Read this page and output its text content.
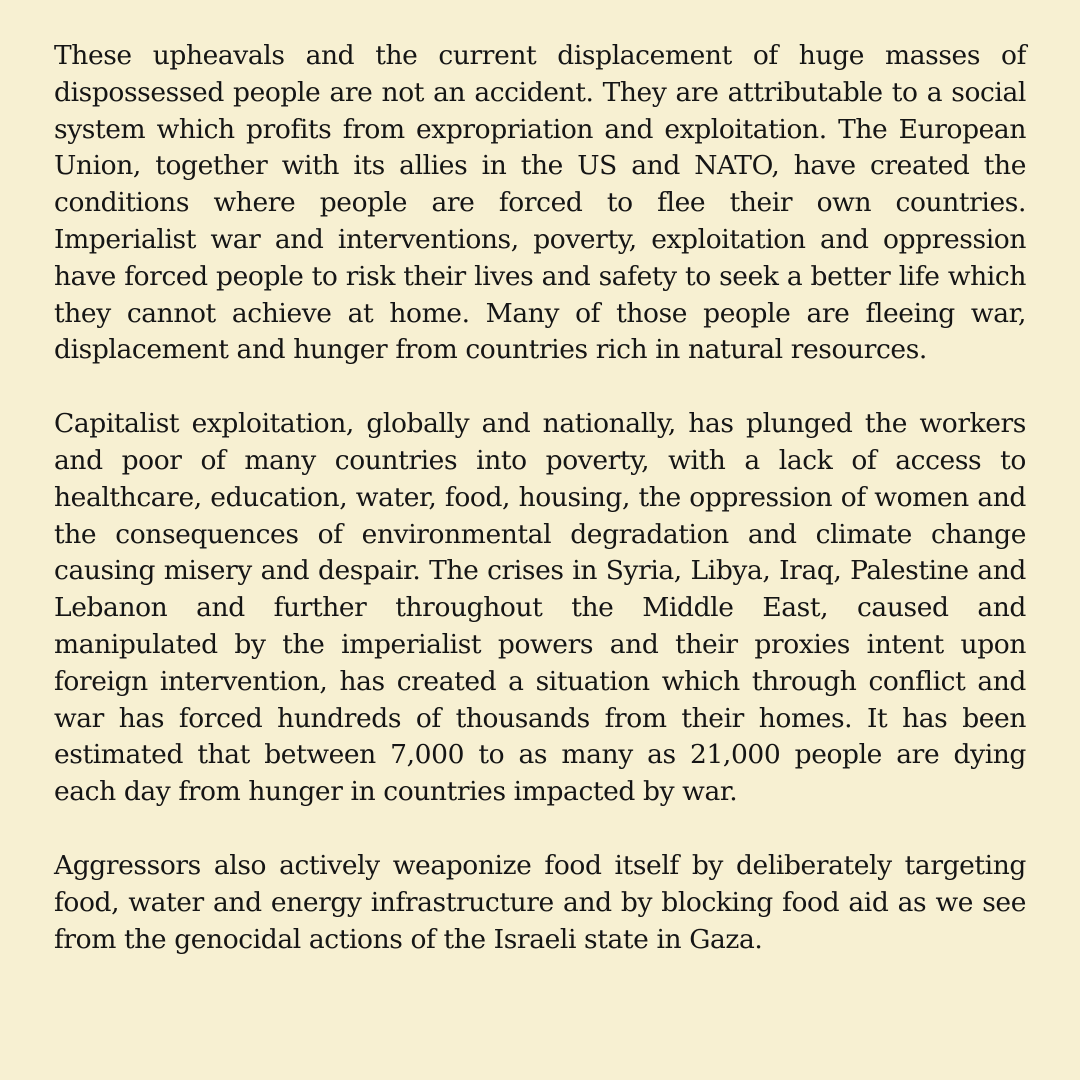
These upheavals and the current displacement of huge masses of dispossessed people are not an accident. They are attributable to a social system which profits from expropriation and exploitation. The European Union, together with its allies in the US and NATO, have created the conditions where people are forced to flee their own countries. Imperialist war and interventions, poverty, exploitation and oppression have forced people to risk their lives and safety to seek a better life which they cannot achieve at home. Many of those people are fleeing war, displacement and hunger from countries rich in natural resources.

Capitalist exploitation, globally and nationally, has plunged the workers and poor of many countries into poverty, with a lack of access to healthcare, education, water, food, housing, the oppression of women and the consequences of environmental degradation and climate change causing misery and despair. The crises in Syria, Libya, Iraq, Palestine and Lebanon and further throughout the Middle East, caused and manipulated by the imperialist powers and their proxies intent upon foreign intervention, has created a situation which through conflict and war has forced hundreds of thousands from their homes. It has been estimated that between 7,000 to as many as 21,000 people are dying each day from hunger in countries impacted by war.

Aggressors also actively weaponize food itself by deliberately targeting food, water and energy infrastructure and by blocking food aid as we see from the genocidal actions of the Israeli state in Gaza.
